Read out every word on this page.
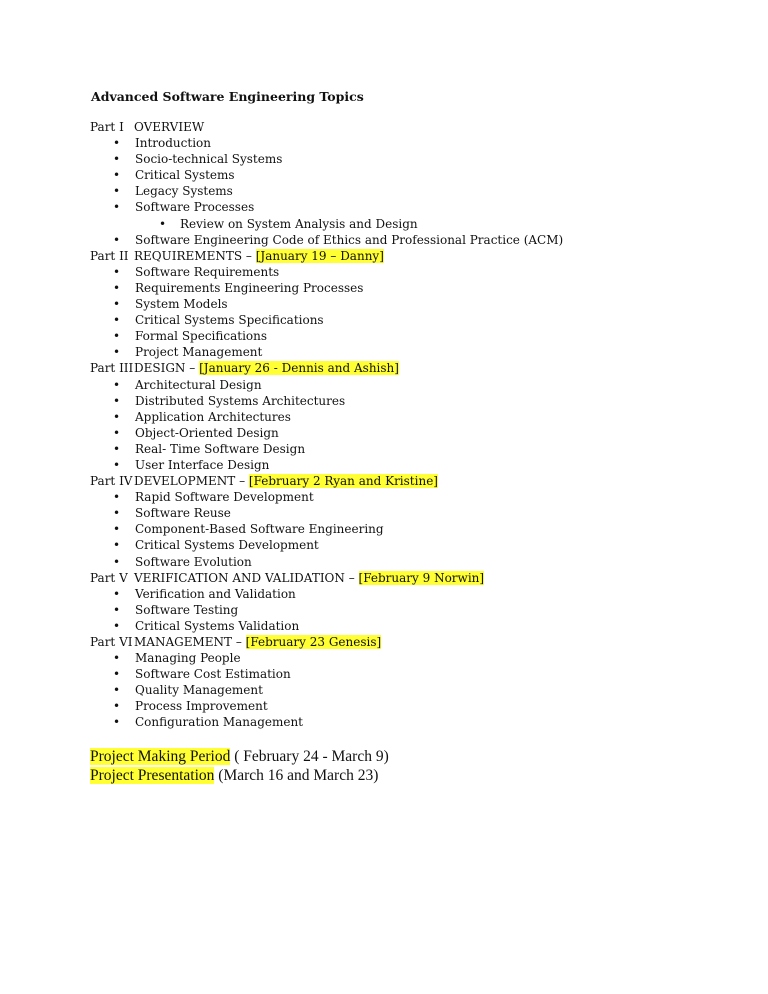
Advanced Software Engineering Topics
Part I OVERVIEW
• Introduction
• Socio-technical Systems
• Critical Systems
• Legacy Systems
• Software Processes
• Review on System Analysis and Design
• Software Engineering Code of Ethics and Professional Practice (ACM)
Part II REQUIREMENTS – [January 19 – Danny]
• Software Requirements
• Requirements Engineering Processes
• System Models
• Critical Systems Specifications
• Formal Specifications
• Project Management
Part IIIDESIGN – [January 26 - Dennis and Ashish]
• Architectural Design
• Distributed Systems Architectures
• Application Architectures
• Object-Oriented Design
• Real- Time Software Design
• User Interface Design
Part IV DEVELOPMENT – [February 2 Ryan and Kristine]
• Rapid Software Development
• Software Reuse
• Component-Based Software Engineering
• Critical Systems Development
• Software Evolution
Part V VERIFICATION AND VALIDATION – [February 9 Norwin]
• Verification and Validation
• Software Testing
• Critical Systems Validation
Part VI MANAGEMENT – [February 23 Genesis]
• Managing People
• Software Cost Estimation
• Quality Management
• Process Improvement
• Configuration Management
Project Making Period ( February 24 - March 9)
Project Presentation (March 16 and March 23)
